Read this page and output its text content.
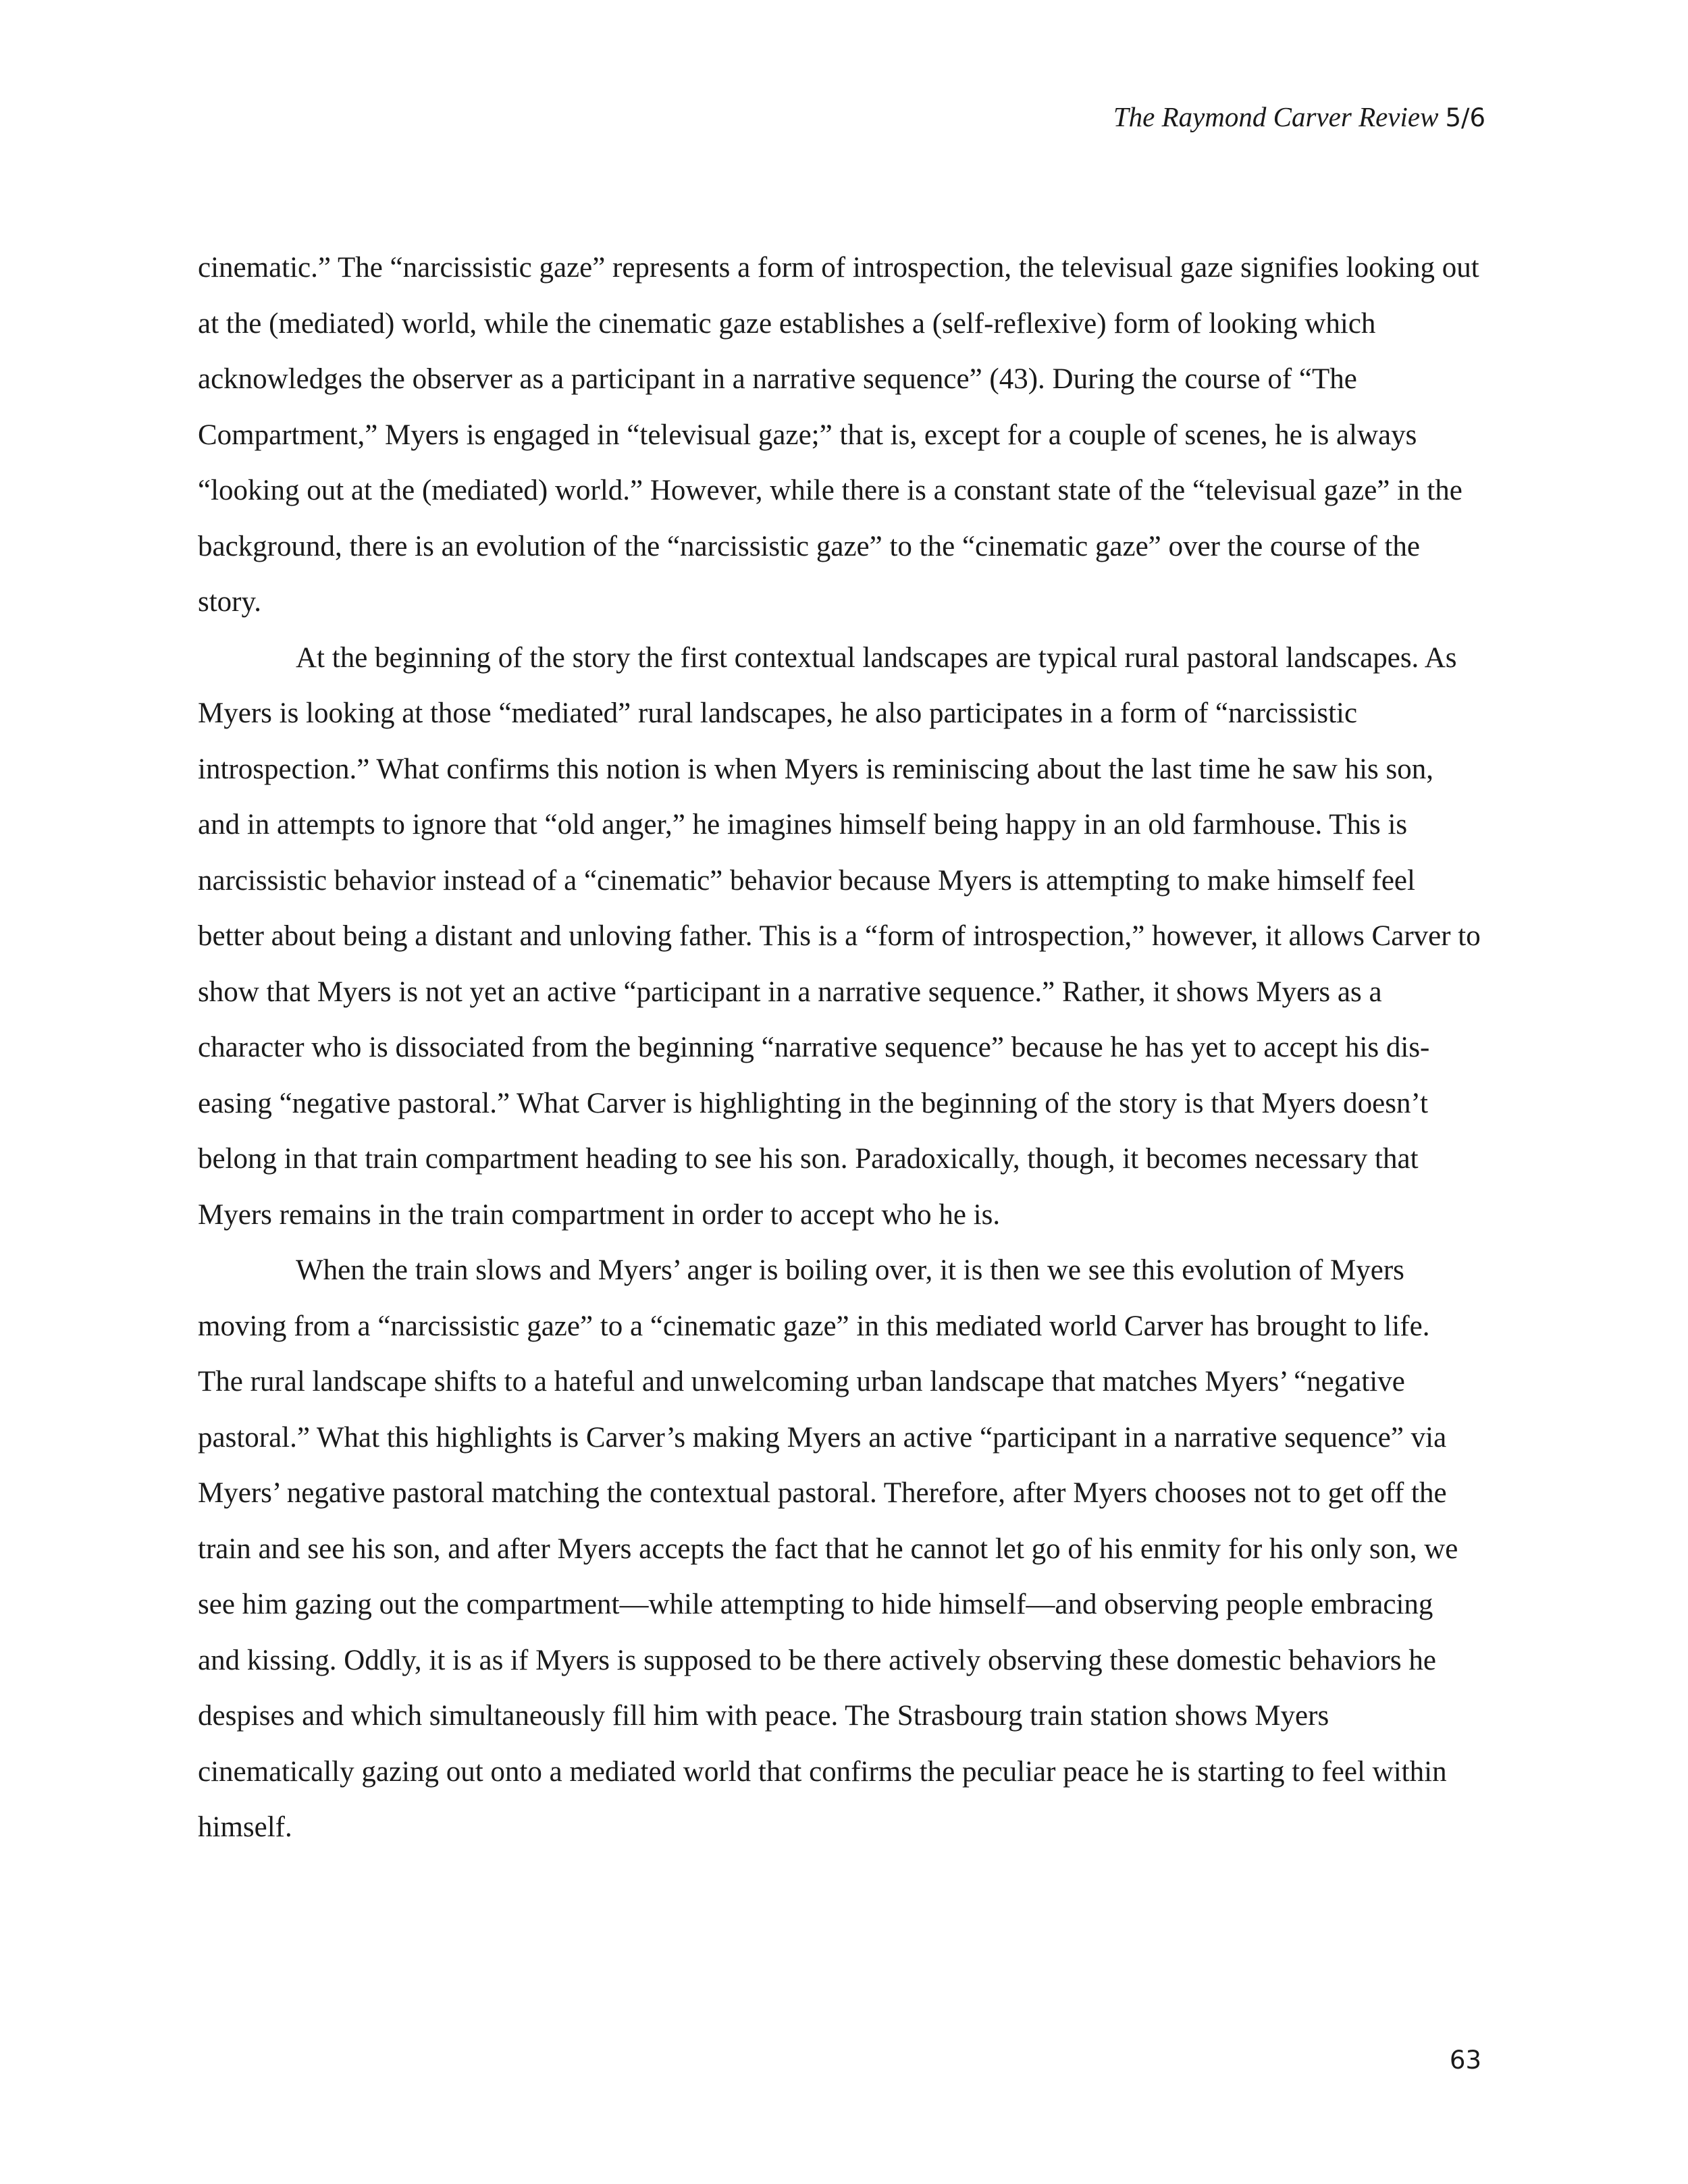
The Raymond Carver Review 5/6

cinematic.” The “narcissistic gaze” represents a form of introspection, the televisual gaze signifies looking out at the (mediated) world, while the cinematic gaze establishes a (self-reflexive) form of looking which acknowledges the observer as a participant in a narrative sequence” (43). During the course of “The Compartment,” Myers is engaged in “televisual gaze;” that is, except for a couple of scenes, he is always “looking out at the (mediated) world.” However, while there is a constant state of the “televisual gaze” in the background, there is an evolution of the “narcissistic gaze” to the “cinematic gaze” over the course of the story.

At the beginning of the story the first contextual landscapes are typical rural pastoral landscapes. As Myers is looking at those “mediated” rural landscapes, he also participates in a form of “narcissistic introspection.” What confirms this notion is when Myers is reminiscing about the last time he saw his son, and in attempts to ignore that “old anger,” he imagines himself being happy in an old farmhouse. This is narcissistic behavior instead of a “cinematic” behavior because Myers is attempting to make himself feel better about being a distant and unloving father. This is a “form of introspection,” however, it allows Carver to show that Myers is not yet an active “participant in a narrative sequence.” Rather, it shows Myers as a character who is dissociated from the beginning “narrative sequence” because he has yet to accept his dis-easing “negative pastoral.” What Carver is highlighting in the beginning of the story is that Myers doesn’t belong in that train compartment heading to see his son. Paradoxically, though, it becomes necessary that Myers remains in the train compartment in order to accept who he is.

When the train slows and Myers’ anger is boiling over, it is then we see this evolution of Myers moving from a “narcissistic gaze” to a “cinematic gaze” in this mediated world Carver has brought to life. The rural landscape shifts to a hateful and unwelcoming urban landscape that matches Myers’ “negative pastoral.” What this highlights is Carver’s making Myers an active “participant in a narrative sequence” via Myers’ negative pastoral matching the contextual pastoral. Therefore, after Myers chooses not to get off the train and see his son, and after Myers accepts the fact that he cannot let go of his enmity for his only son, we see him gazing out the compartment—while attempting to hide himself—and observing people embracing and kissing. Oddly, it is as if Myers is supposed to be there actively observing these domestic behaviors he despises and which simultaneously fill him with peace. The Strasbourg train station shows Myers cinematically gazing out onto a mediated world that confirms the peculiar peace he is starting to feel within himself.

63
